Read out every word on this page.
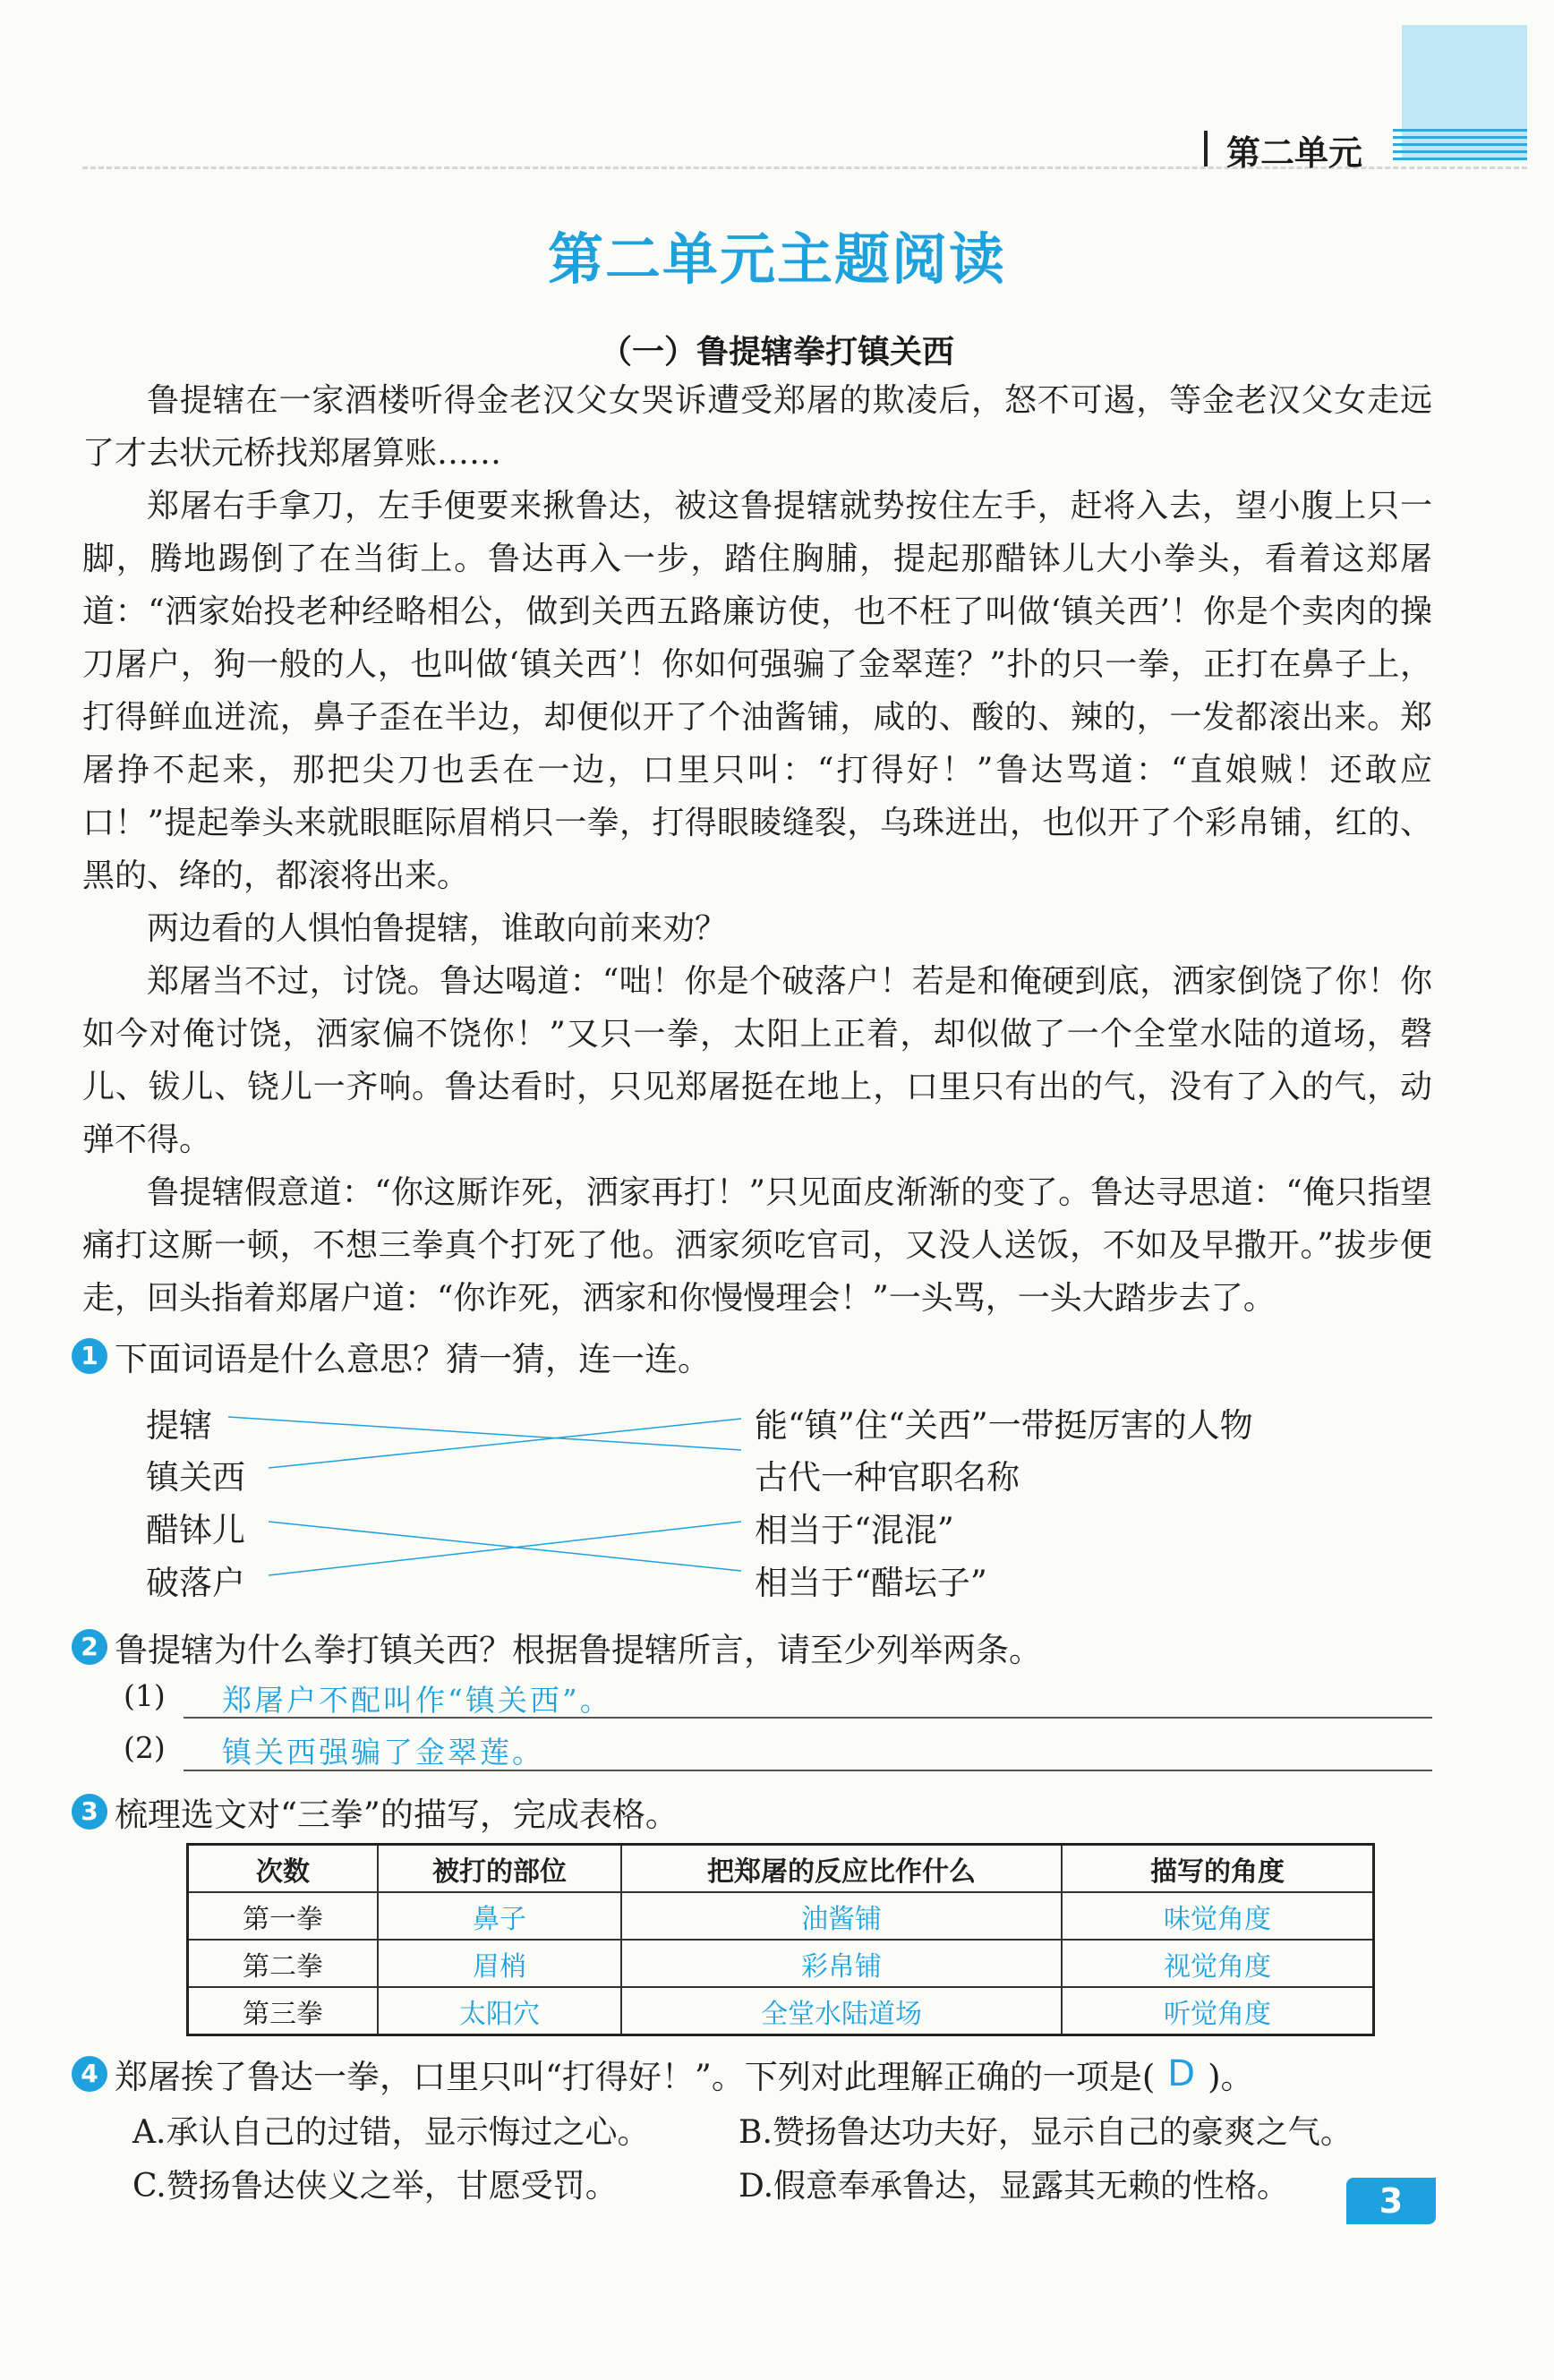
第二单元
第二单元主题阅读
（一）鲁提辖拳打镇关西

鲁提辖在一家酒楼听得金老汉父女哭诉遭受郑屠的欺凌后，怒不可遏，等金老汉父女走远了才去状元桥找郑屠算账……

郑屠右手拿刀，左手便要来揪鲁达，被这鲁提辖就势按住左手，赶将入去，望小腹上只一脚，腾地踢倒了在当街上。鲁达再入一步，踏住胸脯，提起那醋钵儿大小拳头，看着这郑屠道：“洒家始投老种经略相公，做到关西五路廉访使，也不枉了叫做‘镇关西’！你是个卖肉的操刀屠户，狗一般的人，也叫做‘镇关西’！你如何强骗了金翠莲？”扑的只一拳，正打在鼻子上，打得鲜血迸流，鼻子歪在半边，却便似开了个油酱铺，咸的、酸的、辣的，一发都滚出来。郑屠挣不起来，那把尖刀也丢在一边，口里只叫：“打得好！”鲁达骂道：“直娘贼！还敢应口！”提起拳头来就眼眶际眉梢只一拳，打得眼睖缝裂，乌珠迸出，也似开了个彩帛铺，红的、黑的、绛的，都滚将出来。

两边看的人惧怕鲁提辖，谁敢向前来劝？

郑屠当不过，讨饶。鲁达喝道：“咄！你是个破落户！若是和俺硬到底，洒家倒饶了你！你如今对俺讨饶，洒家偏不饶你！”又只一拳，太阳上正着，却似做了一个全堂水陆的道场，磬儿、钹儿、铙儿一齐响。鲁达看时，只见郑屠挺在地上，口里只有出的气，没有了入的气，动弹不得。

鲁提辖假意道：“你这厮诈死，洒家再打！”只见面皮渐渐的变了。鲁达寻思道：“俺只指望痛打这厮一顿，不想三拳真个打死了他。洒家须吃官司，又没人送饭，不如及早撒开。”拔步便走，回头指着郑屠户道：“你诈死，洒家和你慢慢理会！”一头骂，一头大踏步去了。

1 下面词语是什么意思？猜一猜，连一连。
提辖
镇关西
醋钵儿
破落户
能“镇”住“关西”一带挺厉害的人物
古代一种官职名称
相当于“混混”
相当于“醋坛子”
2 鲁提辖为什么拳打镇关西？根据鲁提辖所言，请至少列举两条。
(1) 郑屠户不配叫作“镇关西”。
(2) 镇关西强骗了金翠莲。
3 梳理选文对“三拳”的描写，完成表格。
次数	被打的部位	把郑屠的反应比作什么	描写的角度
第一拳	鼻子	油酱铺	味觉角度
第二拳	眉梢	彩帛铺	视觉角度
第三拳	太阳穴	全堂水陆道场	听觉角度
4 郑屠挨了鲁达一拳，口里只叫“打得好！”。下列对此理解正确的一项是( D )。
A.承认自己的过错，显示悔过之心。	B.赞扬鲁达功夫好，显示自己的豪爽之气。
C.赞扬鲁达侠义之举，甘愿受罚。	D.假意奉承鲁达，显露其无赖的性格。	3
